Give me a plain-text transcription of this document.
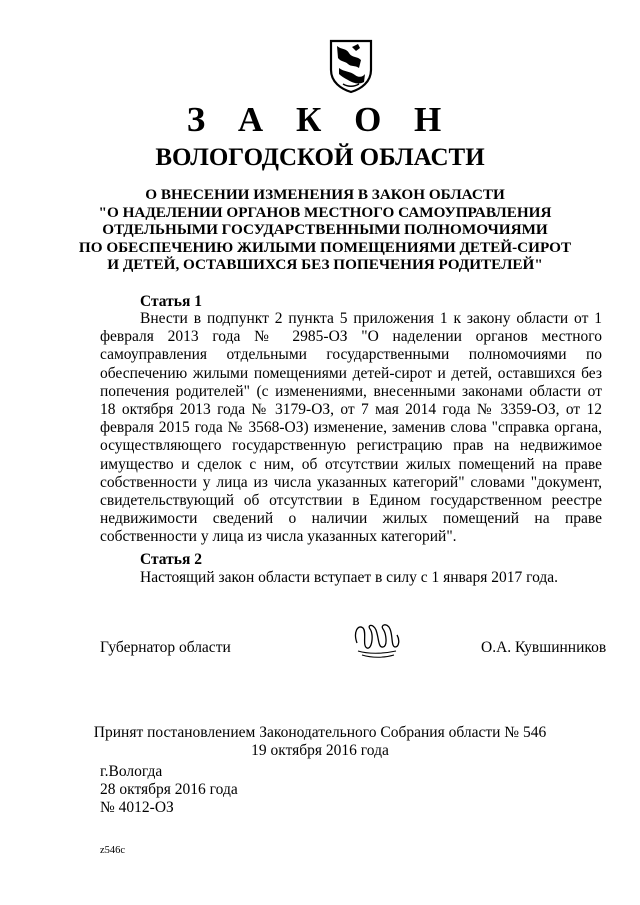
З А К О Н
ВОЛОГОДСКОЙ ОБЛАСТИ
О ВНЕСЕНИИ ИЗМЕНЕНИЯ В ЗАКОН ОБЛАСТИ
"О НАДЕЛЕНИИ ОРГАНОВ МЕСТНОГО САМОУПРАВЛЕНИЯ
ОТДЕЛЬНЫМИ ГОСУДАРСТВЕННЫМИ ПОЛНОМОЧИЯМИ
ПО ОБЕСПЕЧЕНИЮ ЖИЛЫМИ ПОМЕЩЕНИЯМИ ДЕТЕЙ-СИРОТ
И ДЕТЕЙ, ОСТАВШИХСЯ БЕЗ ПОПЕЧЕНИЯ РОДИТЕЛЕЙ"
Статья 1
Внести в подпункт 2 пункта 5 приложения 1 к закону области от 1 февраля 2013 года № 2985-ОЗ "О наделении органов местного самоуправления отдельными государственными полномочиями по обеспечению жилыми помещениями детей-сирот и детей, оставшихся без попечения родителей" (с изменениями, внесенными законами области от 18 октября 2013 года № 3179-ОЗ, от 7 мая 2014 года № 3359-ОЗ, от 12 февраля 2015 года № 3568-ОЗ) изменение, заменив слова "справка органа, осуществляющего государственную регистрацию прав на недвижимое имущество и сделок с ним, об отсутствии жилых помещений на праве собственности у лица из числа указанных категорий" словами "документ, свидетельствующий об отсутствии в Едином государственном реестре недвижимости сведений о наличии жилых помещений на праве собственности у лица из числа указанных категорий".
Статья 2
Настоящий закон области вступает в силу с 1 января 2017 года.
Губернатор области	О.А. Кувшинников
Принят постановлением Законодательного Собрания области № 546
19 октября 2016 года
г.Вологда
28 октября 2016 года
№ 4012-ОЗ
z546c
